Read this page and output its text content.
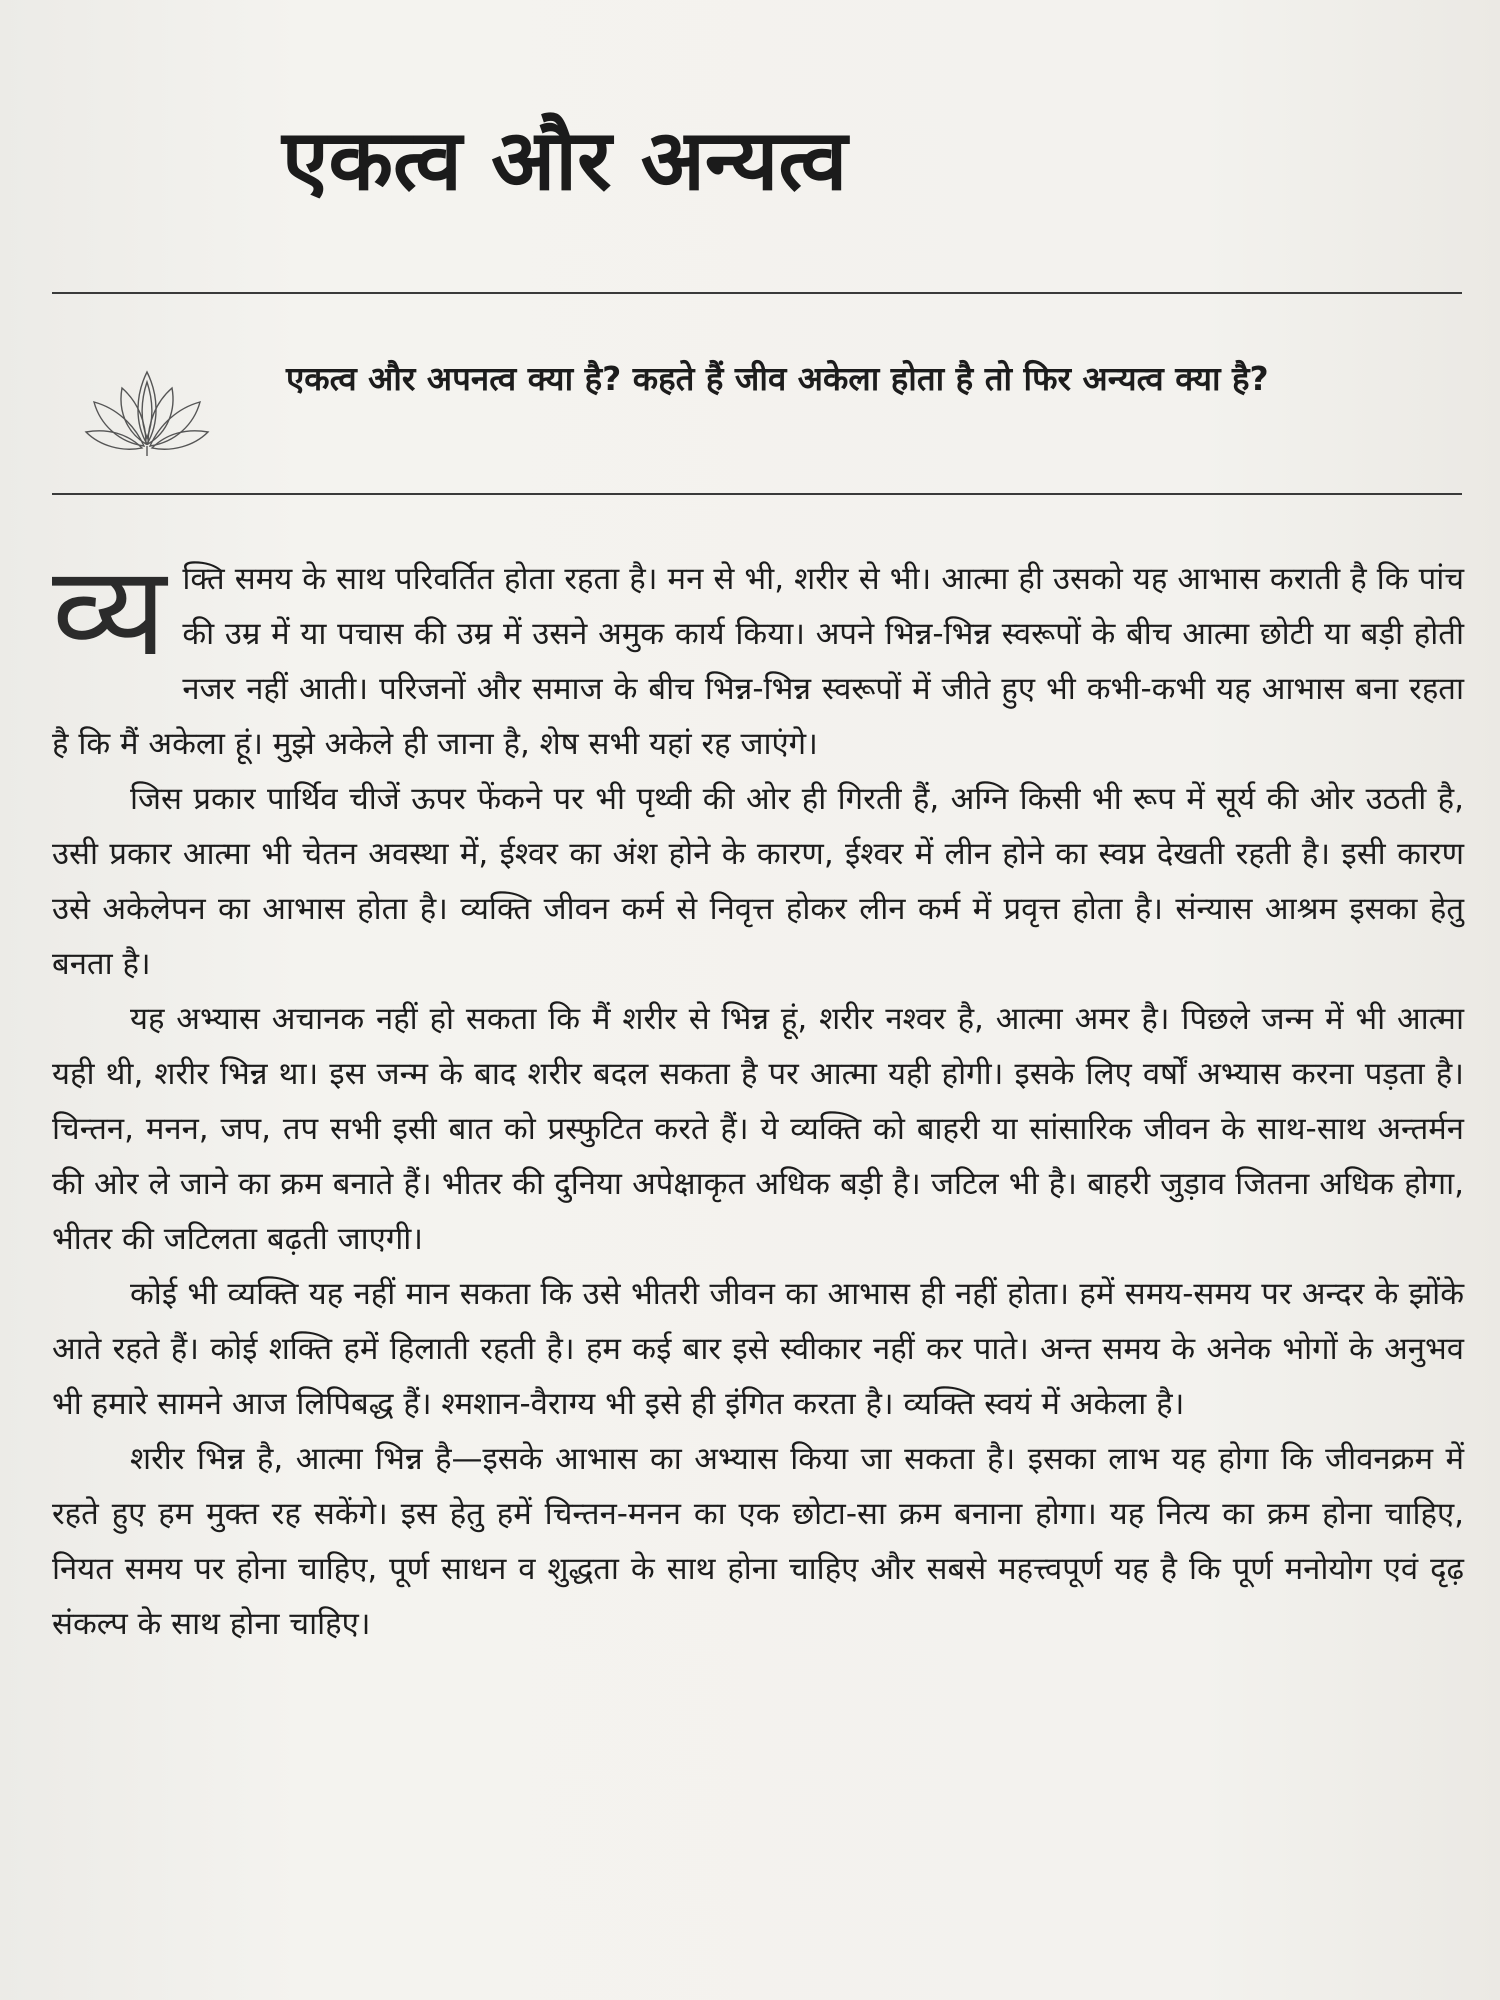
एकत्व और अन्यत्व

एकत्व और अपनत्व क्या है? कहते हैं जीव अकेला होता है तो फिर अन्यत्व क्या है?

व्य क्ति समय के साथ परिवर्तित होता रहता है। मन से भी, शरीर से भी। आत्मा ही उसको यह आभास कराती है कि पांच की उम्र में या पचास की उम्र में उसने अमुक कार्य किया। अपने भिन्न-भिन्न स्वरूपों के बीच आत्मा छोटी या बड़ी होती नजर नहीं आती। परिजनों और समाज के बीच भिन्न-भिन्न स्वरूपों में जीते हुए भी कभी-कभी यह आभास बना रहता है कि मैं अकेला हूं। मुझे अकेले ही जाना है, शेष सभी यहां रह जाएंगे।

जिस प्रकार पार्थिव चीजें ऊपर फेंकने पर भी पृथ्वी की ओर ही गिरती हैं, अग्नि किसी भी रूप में सूर्य की ओर उठती है, उसी प्रकार आत्मा भी चेतन अवस्था में, ईश्वर का अंश होने के कारण, ईश्वर में लीन होने का स्वप्न देखती रहती है। इसी कारण उसे अकेलेपन का आभास होता है। व्यक्ति जीवन कर्म से निवृत्त होकर लीन कर्म में प्रवृत्त होता है। संन्यास आश्रम इसका हेतु बनता है।

यह अभ्यास अचानक नहीं हो सकता कि मैं शरीर से भिन्न हूं, शरीर नश्वर है, आत्मा अमर है। पिछले जन्म में भी आत्मा यही थी, शरीर भिन्न था। इस जन्म के बाद शरीर बदल सकता है पर आत्मा यही होगी। इसके लिए वर्षों अभ्यास करना पड़ता है। चिन्तन, मनन, जप, तप सभी इसी बात को प्रस्फुटित करते हैं। ये व्यक्ति को बाहरी या सांसारिक जीवन के साथ-साथ अन्तर्मन की ओर ले जाने का क्रम बनाते हैं। भीतर की दुनिया अपेक्षाकृत अधिक बड़ी है। जटिल भी है। बाहरी जुड़ाव जितना अधिक होगा, भीतर की जटिलता बढ़ती जाएगी।

कोई भी व्यक्ति यह नहीं मान सकता कि उसे भीतरी जीवन का आभास ही नहीं होता। हमें समय-समय पर अन्दर के झोंके आते रहते हैं। कोई शक्ति हमें हिलाती रहती है। हम कई बार इसे स्वीकार नहीं कर पाते। अन्त समय के अनेक भोगों के अनुभव भी हमारे सामने आज लिपिबद्ध हैं। श्मशान-वैराग्य भी इसे ही इंगित करता है। व्यक्ति स्वयं में अकेला है।

शरीर भिन्न है, आत्मा भिन्न है—इसके आभास का अभ्यास किया जा सकता है। इसका लाभ यह होगा कि जीवनक्रम में रहते हुए हम मुक्त रह सकेंगे। इस हेतु हमें चिन्तन-मनन का एक छोटा-सा क्रम बनाना होगा। यह नित्य का क्रम होना चाहिए, नियत समय पर होना चाहिए, पूर्ण साधन व शुद्धता के साथ होना चाहिए और सबसे महत्त्वपूर्ण यह है कि पूर्ण मनोयोग एवं दृढ़ संकल्प के साथ होना चाहिए।
